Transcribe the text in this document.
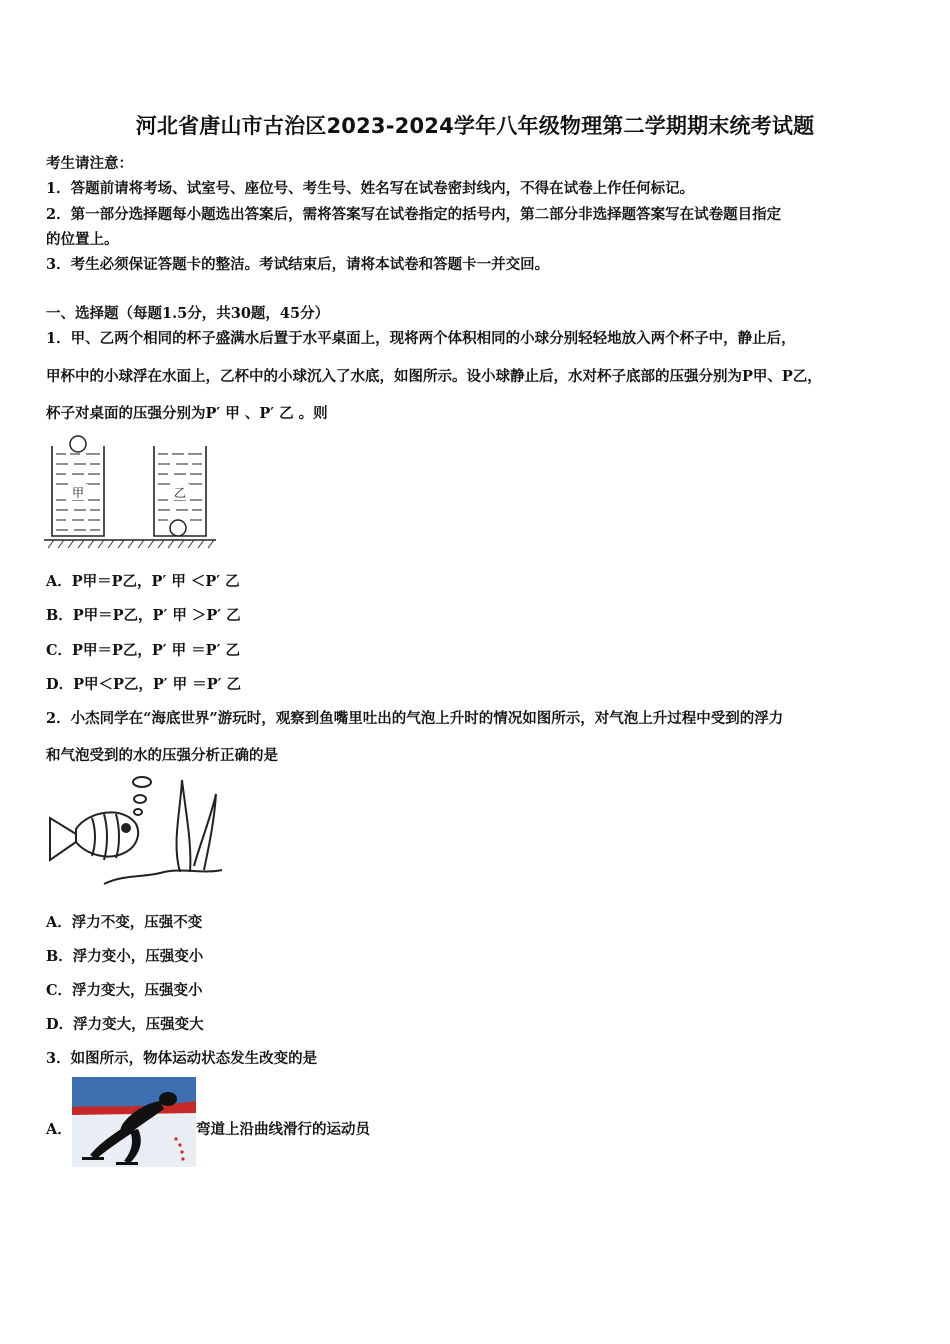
河北省唐山市古治区2023-2024学年八年级物理第二学期期末统考试题
考生请注意：
1．答题前请将考场、试室号、座位号、考生号、姓名写在试卷密封线内，不得在试卷上作任何标记。
2．第一部分选择题每小题选出答案后，需将答案写在试卷指定的括号内，第二部分非选择题答案写在试卷题目指定
的位置上。
3．考生必须保证答题卡的整洁。考试结束后，请将本试卷和答题卡一并交回。
一、选择题（每题1.5分，共30题，45分）
1．甲、乙两个相同的杯子盛满水后置于水平桌面上，现将两个体积相同的小球分别轻轻地放入两个杯子中，静止后，
甲杯中的小球浮在水面上，乙杯中的小球沉入了水底，如图所示。设小球静止后，水对杯子底部的压强分别为P甲、P乙，
杯子对桌面的压强分别为P′ 甲 、P′ 乙 。则
甲	乙
A．P甲＝P乙，P′ 甲 ＜P′ 乙
B．P甲＝P乙，P′ 甲 ＞P′ 乙
C．P甲＝P乙，P′ 甲 ＝P′ 乙
D．P甲＜P乙，P′ 甲 ＝P′ 乙
2．小杰同学在“海底世界”游玩时，观察到鱼嘴里吐出的气泡上升时的情况如图所示，对气泡上升过程中受到的浮力
和气泡受到的水的压强分析正确的是
A．浮力不变，压强不变
B．浮力变小，压强变小
C．浮力变大，压强变小
D．浮力变大，压强变大
3．如图所示，物体运动状态发生改变的是
A．	弯道上沿曲线滑行的运动员
